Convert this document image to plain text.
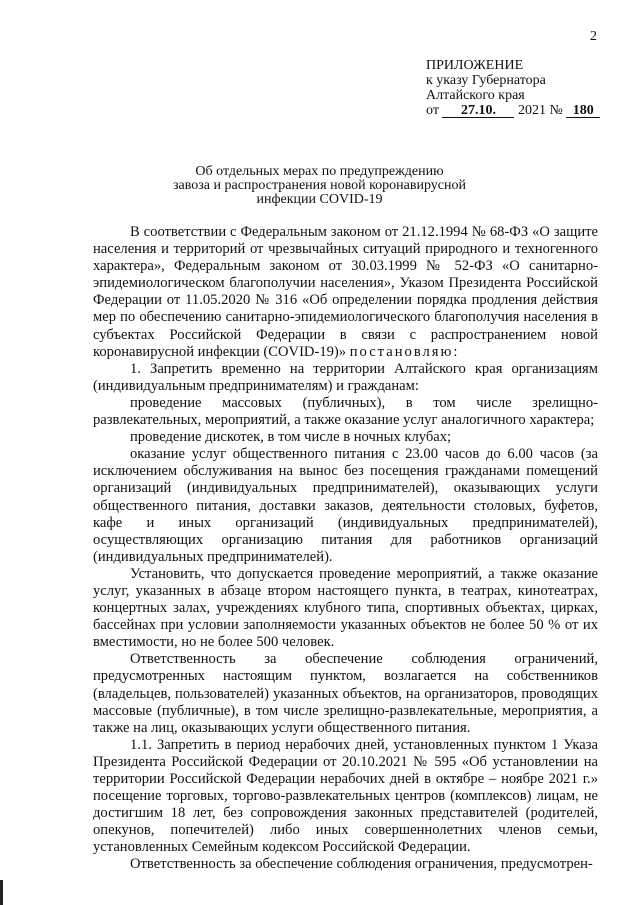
2
ПРИЛОЖЕНИЕ
к указу Губернатора
Алтайского края
от 27.10. 2021 № 180
Об отдельных мерах по предупреждению
завоза и распространения новой коронавирусной
инфекции COVID-19

В соответствии с Федеральным законом от 21.12.1994 № 68-ФЗ «О защите населения и территорий от чрезвычайных ситуаций природного и техногенного характера», Федеральным законом от 30.03.1999 № 52-ФЗ «О санитарно-эпидемиологическом благополучии населения», Указом Президента Российской Федерации от 11.05.2020 № 316 «Об определении порядка продления действия мер по обеспечению санитарно-эпидемиологического благополучия населения в субъектах Российской Федерации в связи с распространением новой коронавирусной инфекции (COVID-19)» постановляю:

1. Запретить временно на территории Алтайского края организациям (индивидуальным предпринимателям) и гражданам:

проведение массовых (публичных), в том числе зрелищно-развлекательных, мероприятий, а также оказание услуг аналогичного характера;

проведение дискотек, в том числе в ночных клубах;

оказание услуг общественного питания с 23.00 часов до 6.00 часов (за исключением обслуживания на вынос без посещения гражданами помещений организаций (индивидуальных предпринимателей), оказывающих услуги общественного питания, доставки заказов, деятельности столовых, буфетов, кафе и иных организаций (индивидуальных предпринимателей), осуществляющих организацию питания для работников организаций (индивидуальных предпринимателей).

Установить, что допускается проведение мероприятий, а также оказание услуг, указанных в абзаце втором настоящего пункта, в театрах, кинотеатрах, концертных залах, учреждениях клубного типа, спортивных объектах, цирках, бассейнах при условии заполняемости указанных объектов не более 50 % от их вместимости, но не более 500 человек.

Ответственность за обеспечение соблюдения ограничений, предусмотренных настоящим пунктом, возлагается на собственников (владельцев, пользователей) указанных объектов, на организаторов, проводящих массовые (публичные), в том числе зрелищно-развлекательные, мероприятия, а также на лиц, оказывающих услуги общественного питания.

1.1. Запретить в период нерабочих дней, установленных пунктом 1 Указа Президента Российской Федерации от 20.10.2021 № 595 «Об установлении на территории Российской Федерации нерабочих дней в октябре – ноябре 2021 г.» посещение торговых, торгово-развлекательных центров (комплексов) лицам, не достигшим 18 лет, без сопровождения законных представителей (родителей, опекунов, попечителей) либо иных совершеннолетних членов семьи, установленных Семейным кодексом Российской Федерации.

Ответственность за обеспечение соблюдения ограничения, предусмотрен-
